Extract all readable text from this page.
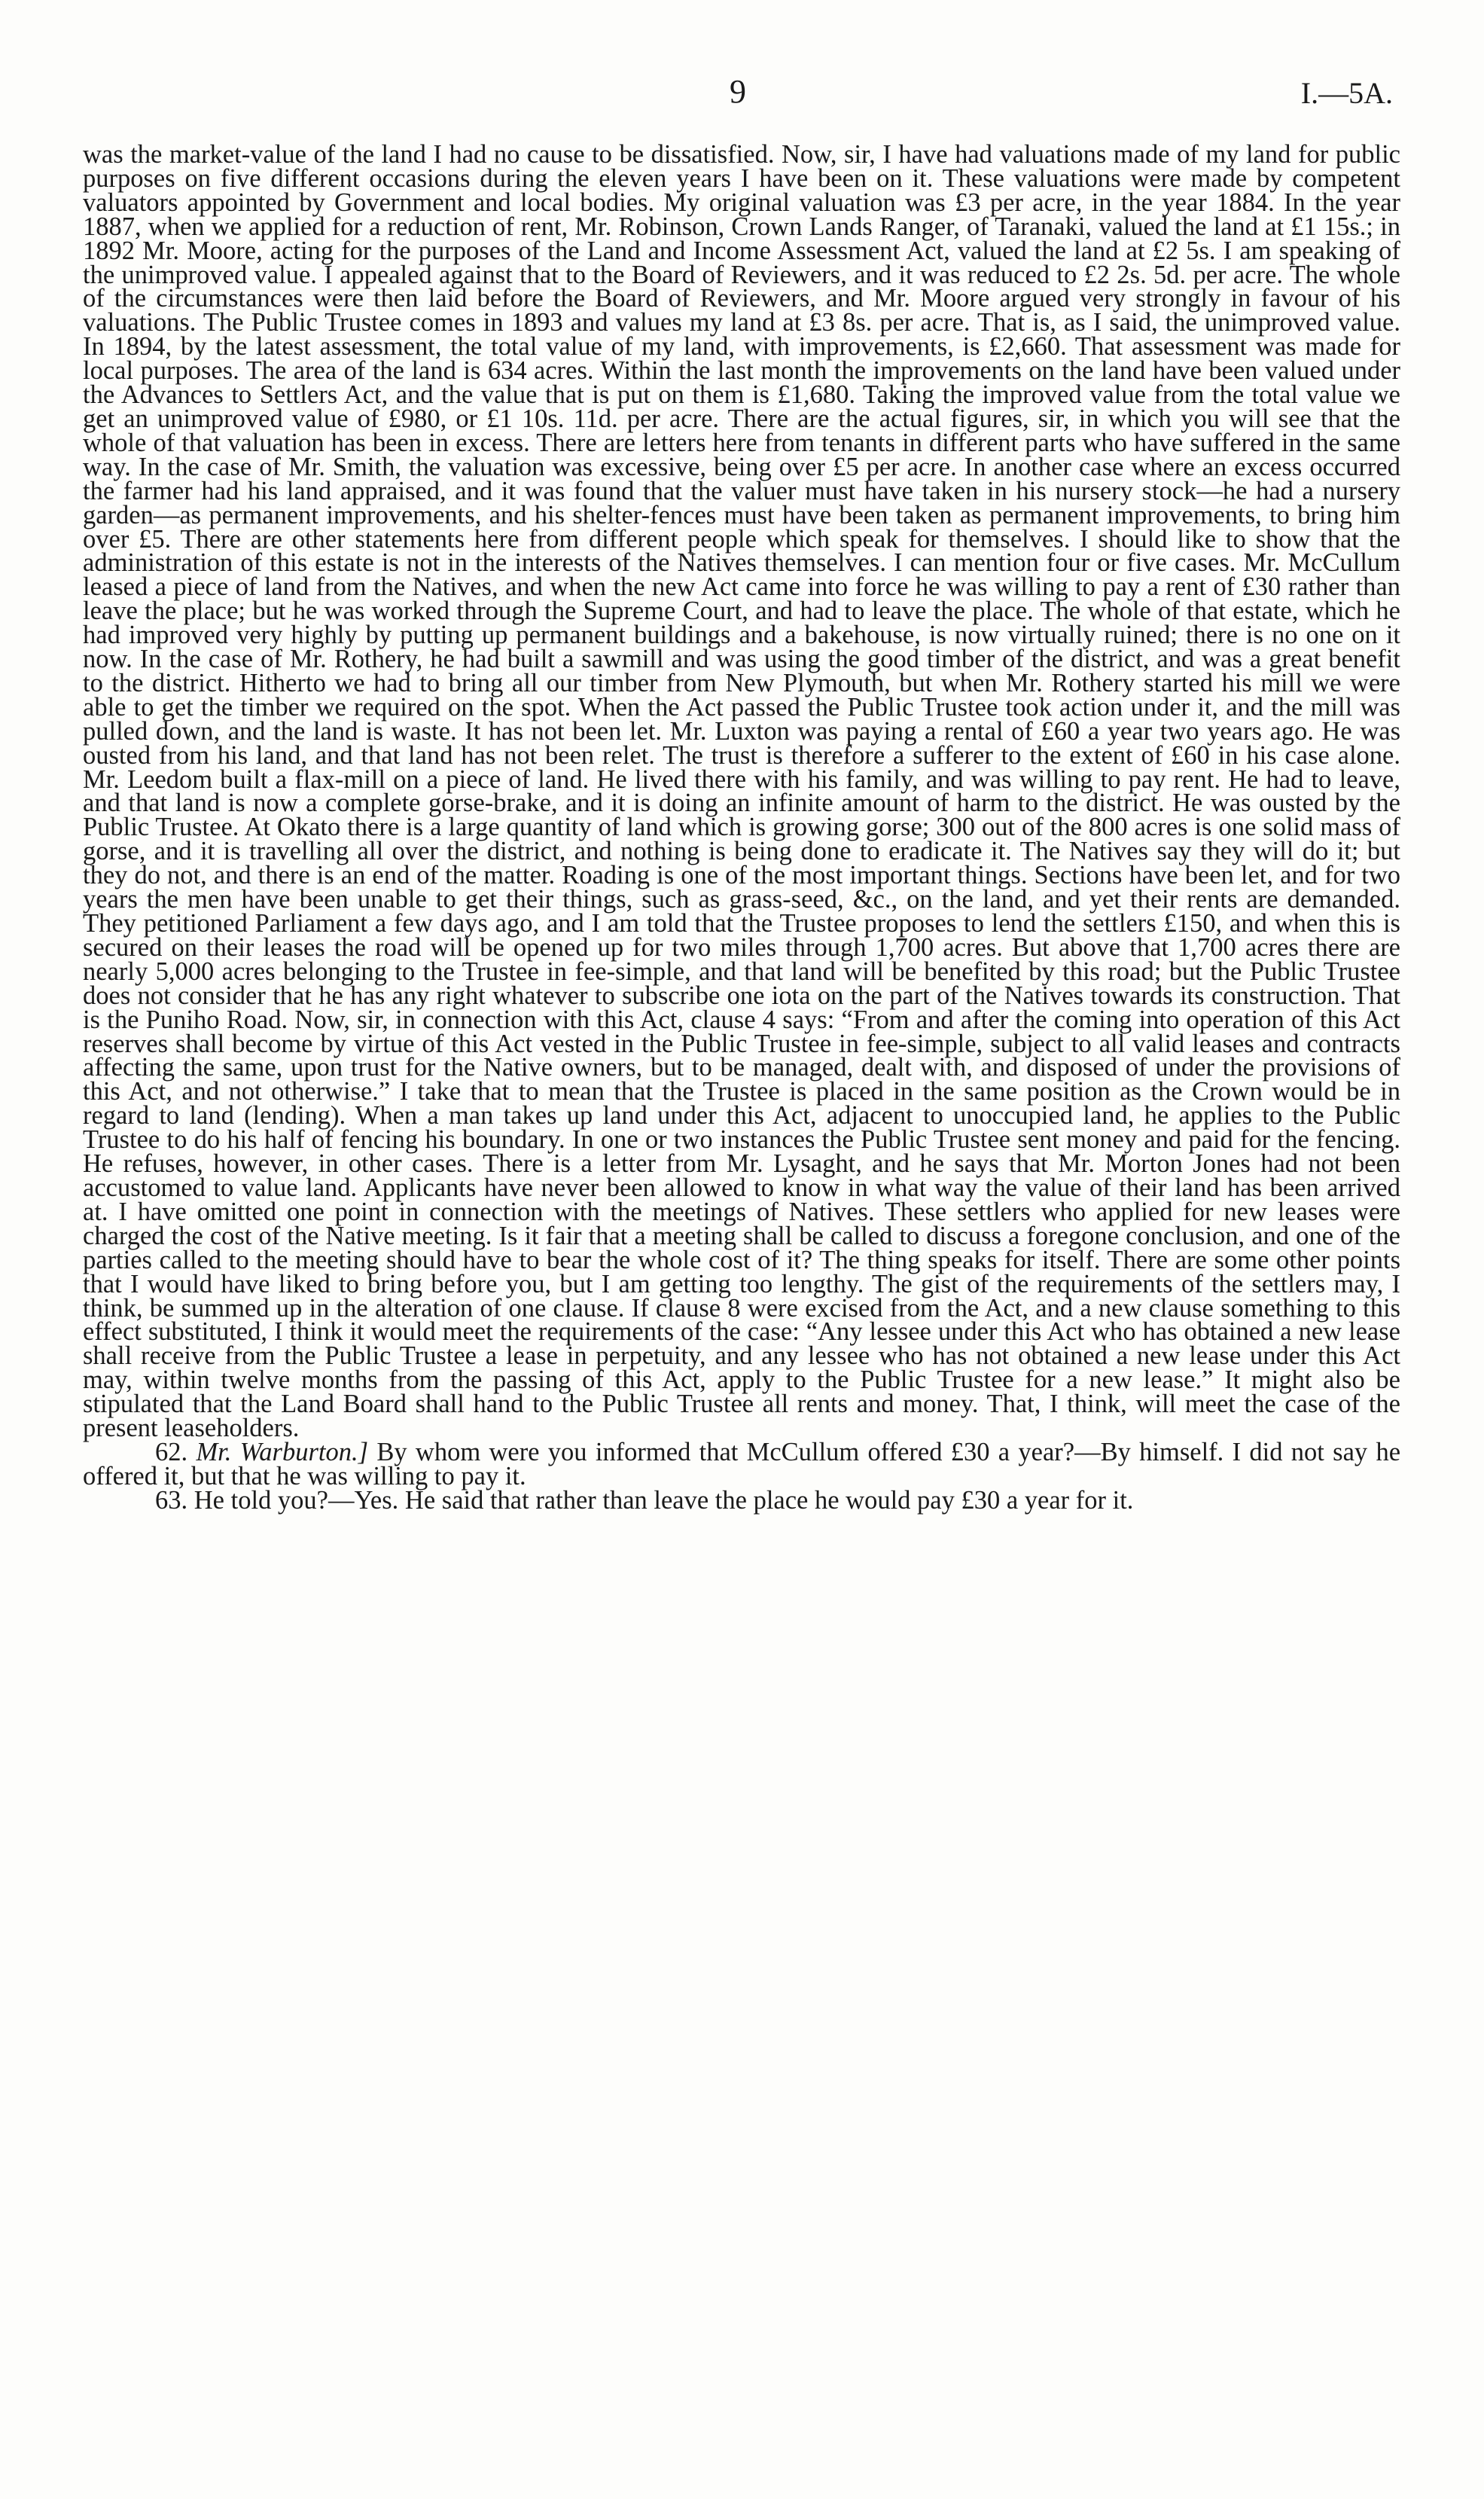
9	I.—5A.

was the market-value of the land I had no cause to be dissatisfied. Now, sir, I have had valuations made of my land for public purposes on five different occasions during the eleven years I have been on it. These valuations were made by competent valuators appointed by Government and local bodies. My original valuation was £3 per acre, in the year 1884. In the year 1887, when we applied for a reduction of rent, Mr. Robinson, Crown Lands Ranger, of Taranaki, valued the land at £1 15s.; in 1892 Mr. Moore, acting for the purposes of the Land and Income Assessment Act, valued the land at £2 5s. I am speaking of the unimproved value. I appealed against that to the Board of Reviewers, and it was reduced to £2 2s. 5d. per acre. The whole of the circumstances were then laid before the Board of Reviewers, and Mr. Moore argued very strongly in favour of his valuations. The Public Trustee comes in 1893 and values my land at £3 8s. per acre. That is, as I said, the unimproved value. In 1894, by the latest assessment, the total value of my land, with improvements, is £2,660. That assessment was made for local purposes. The area of the land is 634 acres. Within the last month the improvements on the land have been valued under the Advances to Settlers Act, and the value that is put on them is £1,680. Taking the improved value from the total value we get an unimproved value of £980, or £1 10s. 11d. per acre. There are the actual figures, sir, in which you will see that the whole of that valuation has been in excess. There are letters here from tenants in different parts who have suffered in the same way. In the case of Mr. Smith, the valuation was excessive, being over £5 per acre. In another case where an excess occurred the farmer had his land appraised, and it was found that the valuer must have taken in his nursery stock—he had a nursery garden—as permanent improvements, and his shelter-fences must have been taken as permanent improvements, to bring him over £5. There are other statements here from different people which speak for themselves. I should like to show that the administration of this estate is not in the interests of the Natives themselves. I can mention four or five cases. Mr. McCullum leased a piece of land from the Natives, and when the new Act came into force he was willing to pay a rent of £30 rather than leave the place; but he was worked through the Supreme Court, and had to leave the place. The whole of that estate, which he had improved very highly by putting up permanent buildings and a bakehouse, is now virtually ruined; there is no one on it now. In the case of Mr. Rothery, he had built a sawmill and was using the good timber of the district, and was a great benefit to the district. Hitherto we had to bring all our timber from New Plymouth, but when Mr. Rothery started his mill we were able to get the timber we required on the spot. When the Act passed the Public Trustee took action under it, and the mill was pulled down, and the land is waste. It has not been let. Mr. Luxton was paying a rental of £60 a year two years ago. He was ousted from his land, and that land has not been relet. The trust is therefore a sufferer to the extent of £60 in his case alone. Mr. Leedom built a flax-mill on a piece of land. He lived there with his family, and was willing to pay rent. He had to leave, and that land is now a complete gorse-brake, and it is doing an infinite amount of harm to the district. He was ousted by the Public Trustee. At Okato there is a large quantity of land which is growing gorse; 300 out of the 800 acres is one solid mass of gorse, and it is travelling all over the district, and nothing is being done to eradicate it. The Natives say they will do it; but they do not, and there is an end of the matter. Roading is one of the most important things. Sections have been let, and for two years the men have been unable to get their things, such as grass-seed, &c., on the land, and yet their rents are demanded. They petitioned Parliament a few days ago, and I am told that the Trustee proposes to lend the settlers £150, and when this is secured on their leases the road will be opened up for two miles through 1,700 acres. But above that 1,700 acres there are nearly 5,000 acres belonging to the Trustee in fee-simple, and that land will be benefited by this road; but the Public Trustee does not consider that he has any right whatever to subscribe one iota on the part of the Natives towards its construction. That is the Puniho Road. Now, sir, in connection with this Act, clause 4 says: “From and after the coming into operation of this Act reserves shall become by virtue of this Act vested in the Public Trustee in fee-simple, subject to all valid leases and contracts affecting the same, upon trust for the Native owners, but to be managed, dealt with, and disposed of under the provisions of this Act, and not otherwise.” I take that to mean that the Trustee is placed in the same position as the Crown would be in regard to land (lending). When a man takes up land under this Act, adjacent to unoccupied land, he applies to the Public Trustee to do his half of fencing his boundary. In one or two instances the Public Trustee sent money and paid for the fencing. He refuses, however, in other cases. There is a letter from Mr. Lysaght, and he says that Mr. Morton Jones had not been accustomed to value land. Applicants have never been allowed to know in what way the value of their land has been arrived at. I have omitted one point in connection with the meetings of Natives. These settlers who applied for new leases were charged the cost of the Native meeting. Is it fair that a meeting shall be called to discuss a foregone conclusion, and one of the parties called to the meeting should have to bear the whole cost of it? The thing speaks for itself. There are some other points that I would have liked to bring before you, but I am getting too lengthy. The gist of the requirements of the settlers may, I think, be summed up in the alteration of one clause. If clause 8 were excised from the Act, and a new clause something to this effect substituted, I think it would meet the requirements of the case: “Any lessee under this Act who has obtained a new lease shall receive from the Public Trustee a lease in perpetuity, and any lessee who has not obtained a new lease under this Act may, within twelve months from the passing of this Act, apply to the Public Trustee for a new lease.” It might also be stipulated that the Land Board shall hand to the Public Trustee all rents and money. That, I think, will meet the case of the present leaseholders.

62. Mr. Warburton.] By whom were you informed that McCullum offered £30 a year?—By himself. I did not say he offered it, but that he was willing to pay it.

63. He told you?—Yes. He said that rather than leave the place he would pay £30 a year for it.
